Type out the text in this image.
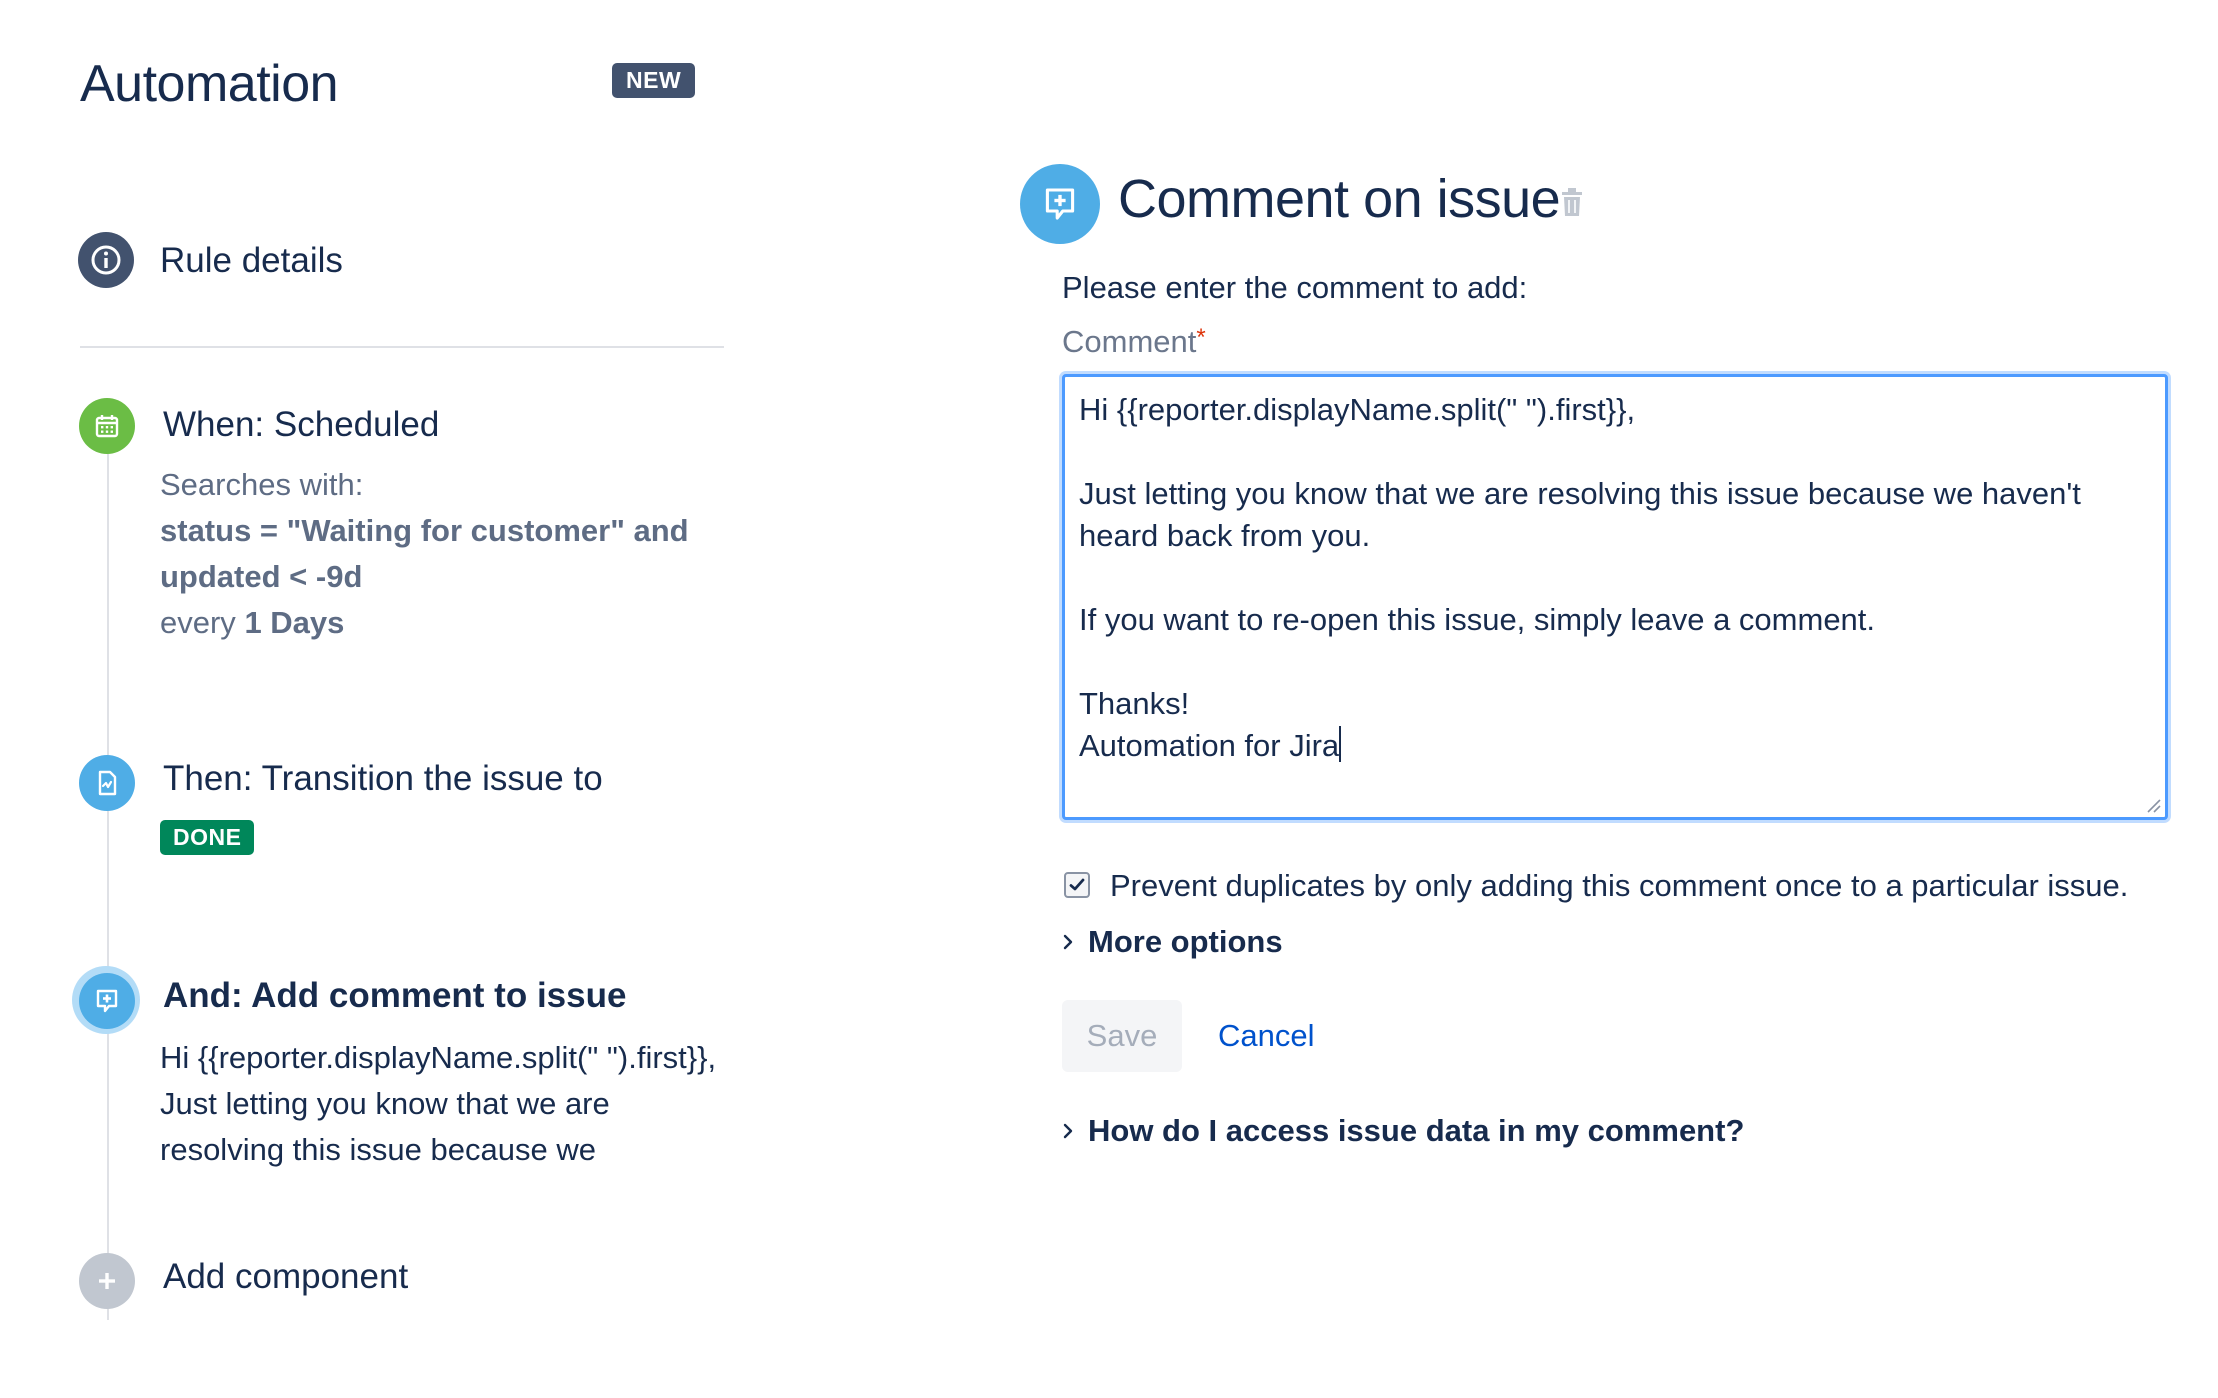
Automation	NEW
Rule details
When: Scheduled
Searches with:
status = "Waiting for customer" and
updated < -9d
every 1 Days
Then: Transition the issue to
DONE
And: Add comment to issue
Hi {{reporter.displayName.split(" ").first}}, Just letting you know that we are resolving this issue because we
Add component
Comment on issue
Please enter the comment to add:
Comment*
Hi {{reporter.displayName.split(" ").first}},

Just letting you know that we are resolving this issue because we haven't heard back from you.

If you want to re-open this issue, simply leave a comment.

Thanks!
Automation for Jira
Prevent duplicates by only adding this comment once to a particular issue.
More options
Save	Cancel
How do I access issue data in my comment?
